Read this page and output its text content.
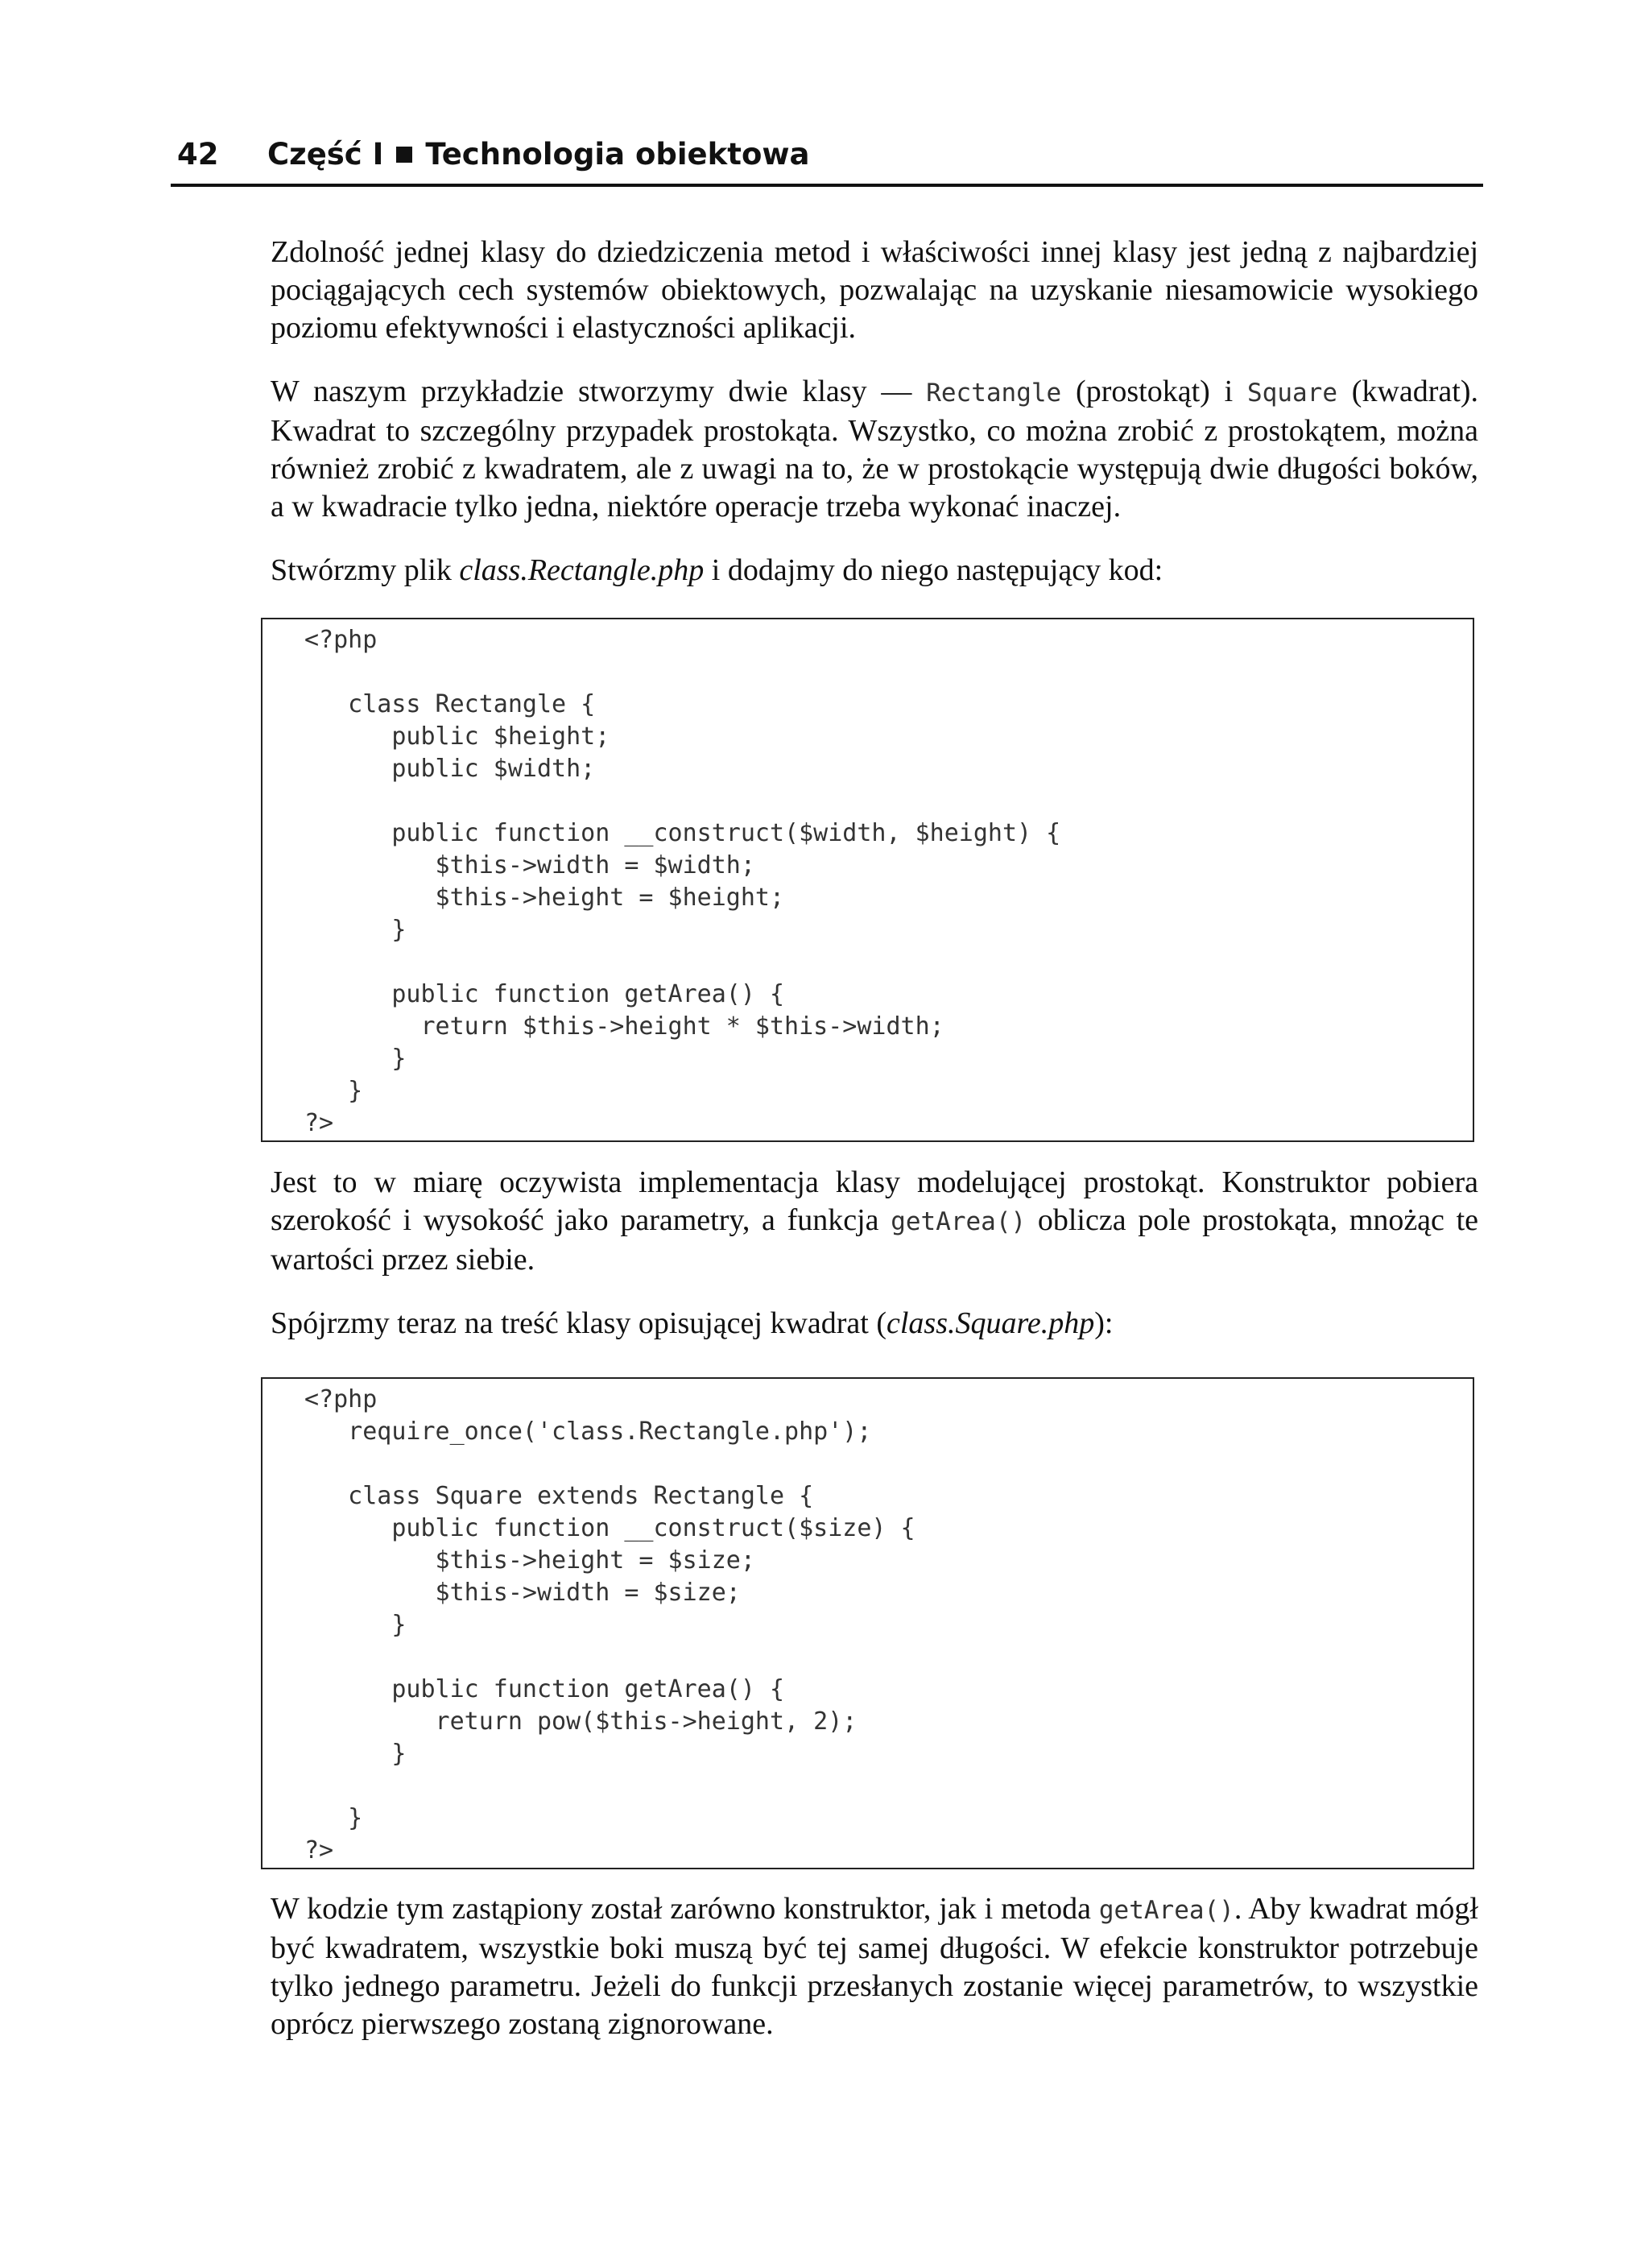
42 Część I Technologia obiektowa

Zdolność jednej klasy do dziedziczenia metod i właściwości innej klasy jest jedną z najbardziej pociągających cech systemów obiektowych, pozwalając na uzyskanie niesamowicie wysokiego poziomu efektywności i elastyczności aplikacji.

W naszym przykładzie stworzymy dwie klasy — Rectangle (prostokąt) i Square (kwadrat). Kwadrat to szczególny przypadek prostokąta. Wszystko, co można zrobić z prostokątem, można również zrobić z kwadratem, ale z uwagi na to, że w prostokącie występują dwie długości boków, a w kwadracie tylko jedna, niektóre operacje trzeba wykonać inaczej.

Stwórzmy plik class.Rectangle.php i dodajmy do niego następujący kod:

Jest to w miarę oczywista implementacja klasy modelującej prostokąt. Konstruktor pobiera szerokość i wysokość jako parametry, a funkcja getArea() oblicza pole prostokąta, mnożąc te wartości przez siebie.

Spójrzmy teraz na treść klasy opisującej kwadrat (class.Square.php):

W kodzie tym zastąpiony został zarówno konstruktor, jak i metoda getArea(). Aby kwadrat mógł być kwadratem, wszystkie boki muszą być tej samej długości. W efekcie konstruktor potrzebuje tylko jednego parametru. Jeżeli do funkcji przesłanych zostanie więcej parametrów, to wszystkie oprócz pierwszego zostaną zignorowane.

<?php

class Rectangle {
public $height;
public $width;

public function __construct($width, $height) {
$this->width = $width;
$this->height = $height;
}

public function getArea() {
return $this->height * $this->width;
}
}
?>
<?php
require_once('class.Rectangle.php');

class Square extends Rectangle {
public function __construct($size) {
$this->height = $size;
$this->width = $size;
}

public function getArea() {
return pow($this->height, 2);
}

}
?>
